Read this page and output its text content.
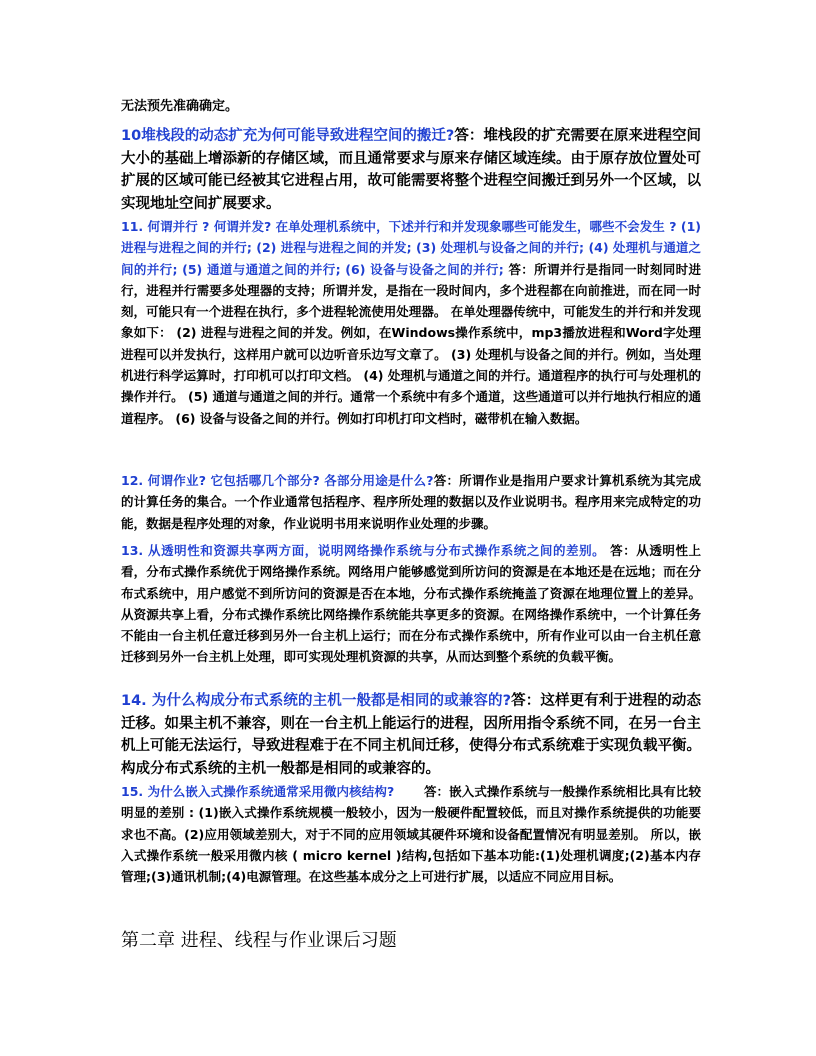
无法预先准确确定。
10堆栈段的动态扩充为何可能导致进程空间的搬迁?答：堆栈段的扩充需要在原来进程空间大小的基础上增添新的存储区域，而且通常要求与原来存储区域连续。由于原存放位置处可扩展的区域可能已经被其它进程占用，故可能需要将整个进程空间搬迁到另外一个区域，以实现地址空间扩展要求。
11. 何谓并行 ? 何谓并发? 在单处理机系统中，下述并行和并发现象哪些可能发生，哪些不会发生 ? (1) 进程与进程之间的并行; (2) 进程与进程之间的并发; (3) 处理机与设备之间的并行; (4) 处理机与通道之间的并行; (5) 通道与通道之间的并行; (6) 设备与设备之间的并行; 答：所谓并行是指同一时刻同时进行，进程并行需要多处理器的支持；所谓并发，是指在一段时间内，多个进程都在向前推进，而在同一时刻，可能只有一个进程在执行，多个进程轮流使用处理器。 在单处理器传统中，可能发生的并行和并发现象如下： (2) 进程与进程之间的并发。例如，在Windows操作系统中，mp3播放进程和Word字处理进程可以并发执行，这样用户就可以边听音乐边写文章了。 (3) 处理机与设备之间的并行。例如，当处理机进行科学运算时，打印机可以打印文档。 (4) 处理机与通道之间的并行。通道程序的执行可与处理机的操作并行。 (5) 通道与通道之间的并行。通常一个系统中有多个通道，这些通道可以并行地执行相应的通道程序。 (6) 设备与设备之间的并行。例如打印机打印文档时，磁带机在输入数据。
12. 何谓作业? 它包括哪几个部分? 各部分用途是什么?答：所谓作业是指用户要求计算机系统为其完成的计算任务的集合。一个作业通常包括程序、程序所处理的数据以及作业说明书。程序用来完成特定的功能，数据是程序处理的对象，作业说明书用来说明作业处理的步骤。
13. 从透明性和资源共享两方面，说明网络操作系统与分布式操作系统之间的差别。 答：从透明性上看，分布式操作系统优于网络操作系统。网络用户能够感觉到所访问的资源是在本地还是在远地；而在分布式系统中，用户感觉不到所访问的资源是否在本地，分布式操作系统掩盖了资源在地理位置上的差异。 从资源共享上看，分布式操作系统比网络操作系统能共享更多的资源。在网络操作系统中，一个计算任务不能由一台主机任意迁移到另外一台主机上运行；而在分布式操作系统中，所有作业可以由一台主机任意迁移到另外一台主机上处理，即可实现处理机资源的共享，从而达到整个系统的负载平衡。
14. 为什么构成分布式系统的主机一般都是相同的或兼容的?答：这样更有利于进程的动态迁移。如果主机不兼容，则在一台主机上能运行的进程，因所用指令系统不同，在另一台主机上可能无法运行，导致进程难于在不同主机间迁移，使得分布式系统难于实现负载平衡。构成分布式系统的主机一般都是相同的或兼容的。
15. 为什么嵌入式操作系统通常采用微内核结构?　　 答：嵌入式操作系统与一般操作系统相比具有比较明显的差别 : (1)嵌入式操作系统规模一般较小，因为一般硬件配置较低，而且对操作系统提供的功能要求也不高。(2)应用领域差别大，对于不同的应用领域其硬件环境和设备配置情况有明显差别。 所以，嵌入式操作系统一般采用微内核 ( micro kernel )结构,包括如下基本功能:(1)处理机调度;(2)基本内存管理;(3)通讯机制;(4)电源管理。在这些基本成分之上可进行扩展，以适应不同应用目标。
第二章 进程、线程与作业课后习题
